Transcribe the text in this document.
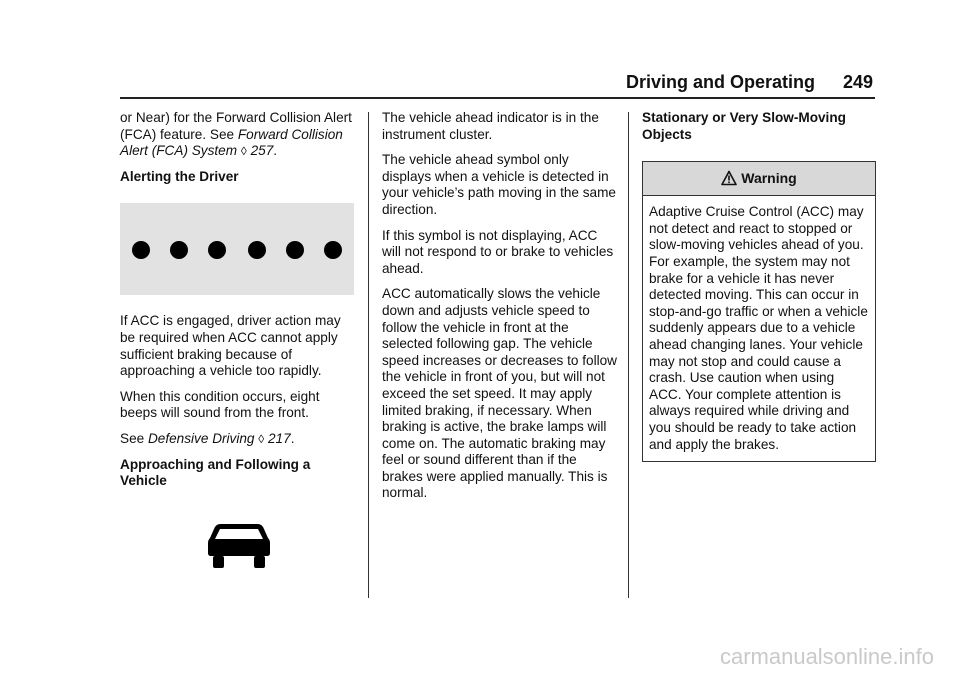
Driving and Operating 249

or Near) for the Forward Collision Alert (FCA) feature. See Forward Collision Alert (FCA) System ◊ 257.

Alerting the Driver

If ACC is engaged, driver action may be required when ACC cannot apply sufficient braking because of approaching a vehicle too rapidly.

When this condition occurs, eight beeps will sound from the front.

See Defensive Driving ◊ 217.

Approaching and Following a Vehicle

The vehicle ahead indicator is in the instrument cluster.

The vehicle ahead symbol only displays when a vehicle is detected in your vehicle’s path moving in the same direction.

If this symbol is not displaying, ACC will not respond to or brake to vehicles ahead.

ACC automatically slows the vehicle down and adjusts vehicle speed to follow the vehicle in front at the selected following gap. The vehicle speed increases or decreases to follow the vehicle in front of you, but will not exceed the set speed. It may apply limited braking, if necessary. When braking is active, the brake lamps will come on. The automatic braking may feel or sound different than if the brakes were applied manually. This is normal.

Stationary or Very Slow-Moving Objects

Warning
Adaptive Cruise Control (ACC) may not detect and react to stopped or slow-moving vehicles ahead of you. For example, the system may not brake for a vehicle it has never detected moving. This can occur in stop-and-go traffic or when a vehicle suddenly appears due to a vehicle ahead changing lanes. Your vehicle may not stop and could cause a crash. Use caution when using ACC. Your complete attention is always required while driving and you should be ready to take action and apply the brakes.
carmanualsonline.info
